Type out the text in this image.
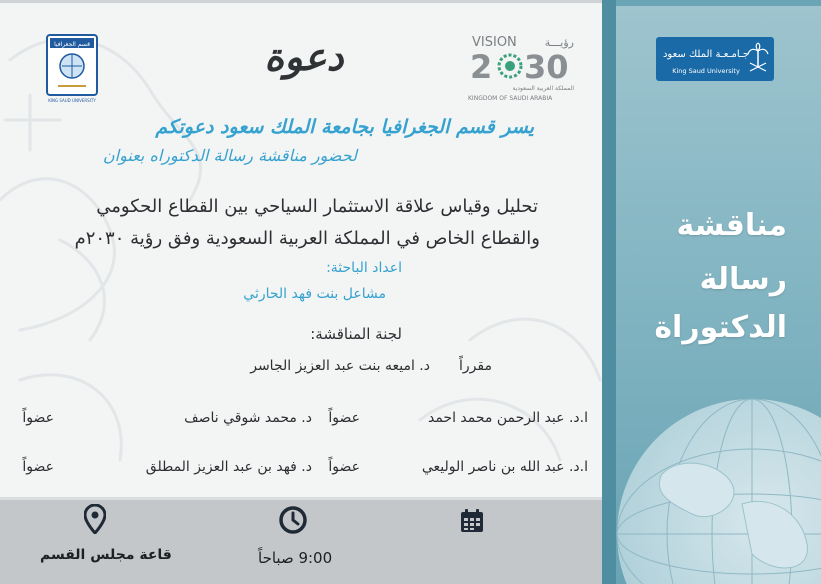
قسم الجغرافيا
KING SAUD UNIVERSITY
دعوة	VISION	رؤيـــة
2 30
المملكة العربية السعودية
KINGDOM OF SAUDI ARABIA
يسر قسم الجغرافيا بجامعة الملك سعود دعوتكم
لحضور مناقشة رسالة الدكتوراه بعنوان
تحليل وقياس علاقة الاستثمار السياحي بين القطاع الحكومي
والقطاع الخاص في المملكة العربية السعودية وفق رؤية ٢٠٣٠م
اعداد الباحثة:
مشاعل بنت فهد الحارثي
لجنة المناقشة:
مقرراً
د. اميعه بنت عبد العزيز الجاسر
ا.د. عبد الرحمن محمد احمد
عضواً
د. محمد شوقي ناصف
عضواً
ا.د. عبد الله بن ناصر الوليعي
عضواً
د. فهد بن عبد العزيز المطلق
عضواً
9:00 صباحاً
قاعة مجلس القسم
جـامـعـة الملك سعود
King Saud University
مناقشة
رسالة
الدكتوراة
